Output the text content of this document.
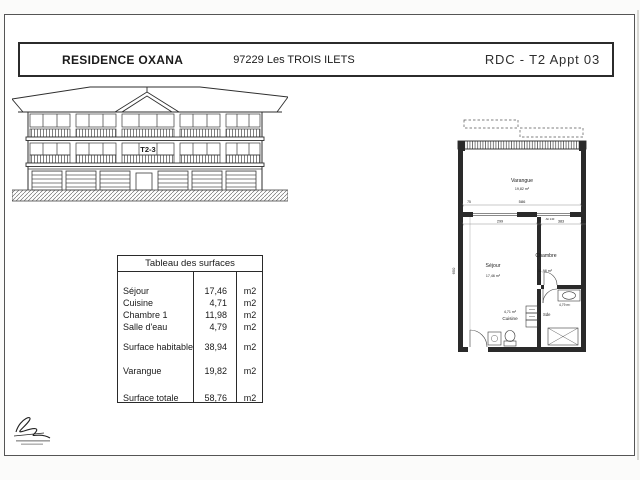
RESIDENCE OXANA	97229 Les TROIS ILETS	RDC - T2 Appt 03
T2-3
Tableau des surfaces
Séjour	17,46	m2
Cuisine	4,71	m2
Chambre 1	11,98	m2
Salle d'eau	4,79	m2
Surface habitable	38,94	m2
Varangue	19,82	m2
Surface totale	58,76	m2
586
75
299	7	383	110
Alt 140
650
Varangue
19,82 m²
Séjour
17,46 m²
Chambre
11,98 m²
4,71 m²
Cuisine
Sde
4,79 m²
